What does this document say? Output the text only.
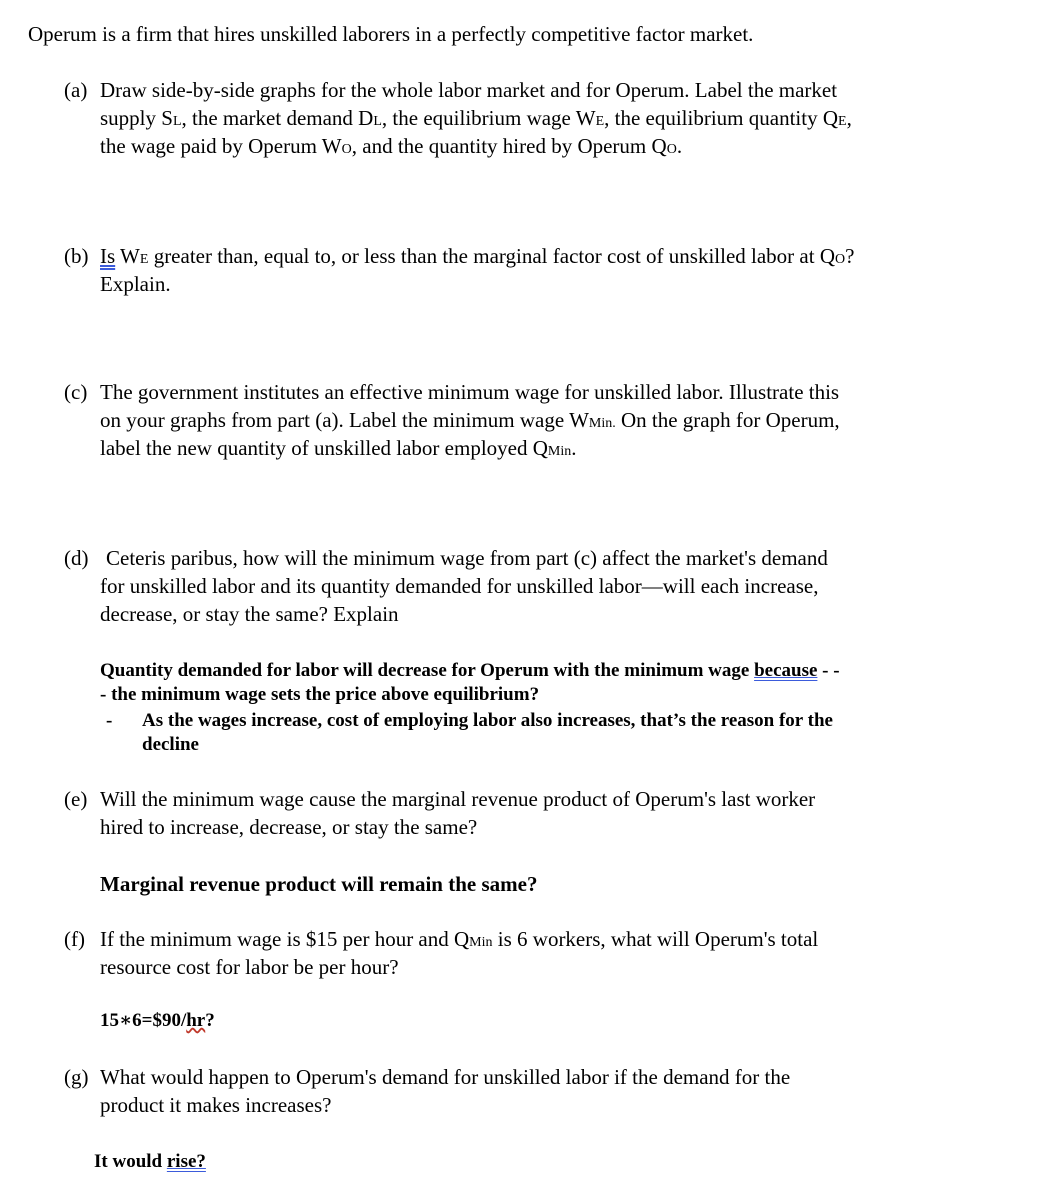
Operum is a firm that hires unskilled laborers in a perfectly competitive factor market.
(a) Draw side-by-side graphs for the whole labor market and for Operum. Label the market
supply SL, the market demand DL, the equilibrium wage WE, the equilibrium quantity QE,
the wage paid by Operum WO, and the quantity hired by Operum QO.
(b) Is WE greater than, equal to, or less than the marginal factor cost of unskilled labor at QO?
Explain.
(c) The government institutes an effective minimum wage for unskilled labor. Illustrate this
on your graphs from part (a). Label the minimum wage WMin. On the graph for Operum,
label the new quantity of unskilled labor employed QMin.
(d) Ceteris paribus, how will the minimum wage from part (c) affect the market's demand
for unskilled labor and its quantity demanded for unskilled labor—will each increase,
decrease, or stay the same? Explain
Quantity demanded for labor will decrease for Operum with the minimum wage because - -
- the minimum wage sets the price above equilibrium?
- As the wages increase, cost of employing labor also increases, that’s the reason for the
decline
(e) Will the minimum wage cause the marginal revenue product of Operum's last worker
hired to increase, decrease, or stay the same?
Marginal revenue product will remain the same?
(f) If the minimum wage is $15 per hour and QMin is 6 workers, what will Operum's total
resource cost for labor be per hour?
15∗6=$90/hr?
(g) What would happen to Operum's demand for unskilled labor if the demand for the
product it makes increases?
It would rise?
